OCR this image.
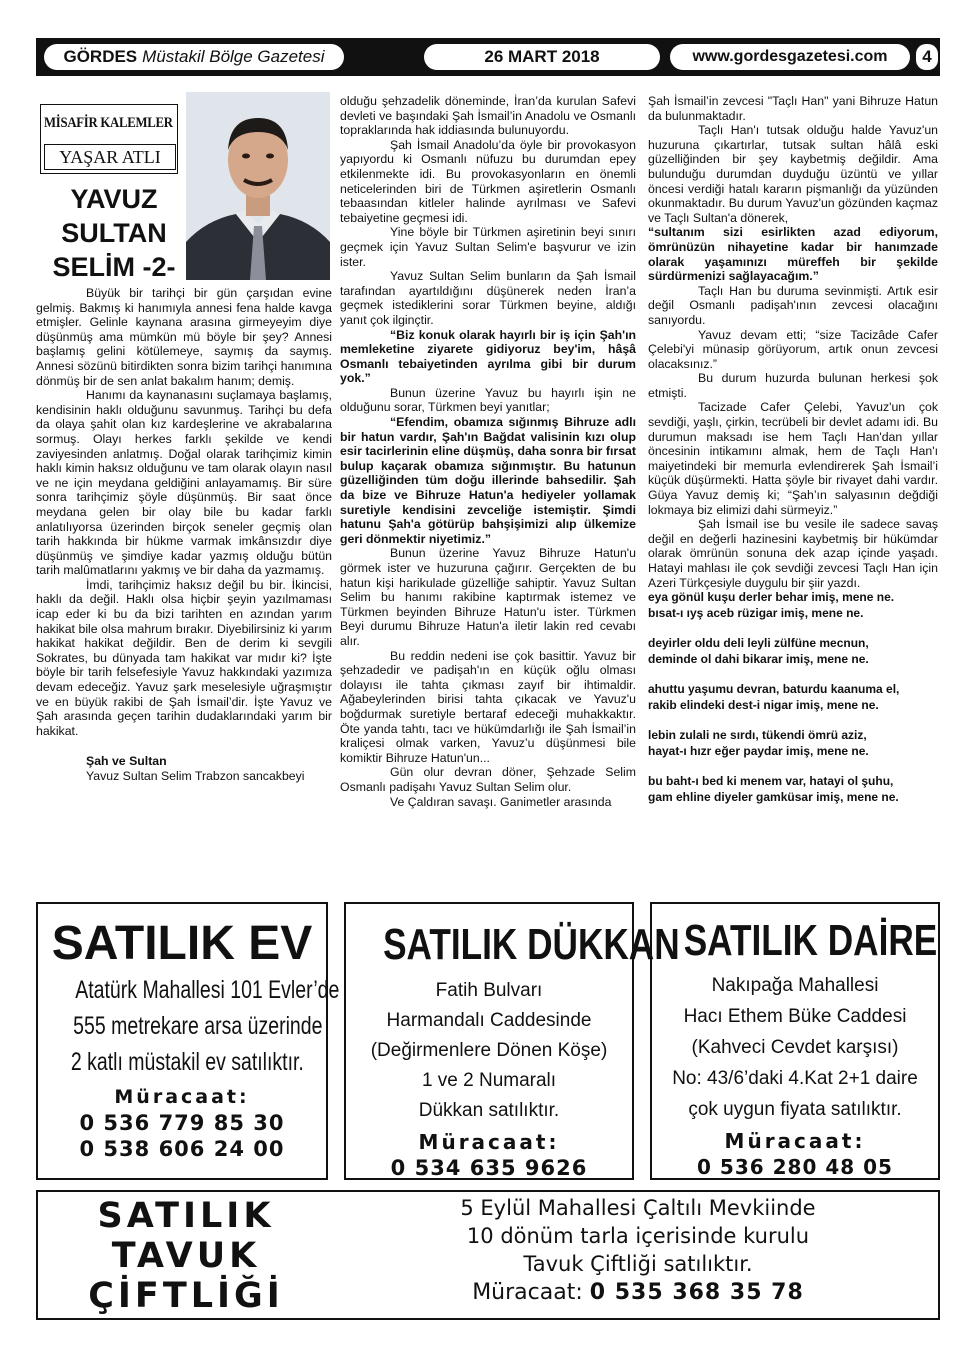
GÖRDES Müstakil Bölge Gazetesi	26 MART 2018	www.gordesgazetesi.com	4
MİSAFİR KALEMLER
YAŞAR ATLI
YAVUZ
SULTAN
SELİM -2-

Büyük bir tarihçi bir gün çarşıdan evine gelmiş. Bakmış ki hanımıyla annesi fena halde kavga etmişler. Gelinle kaynana arasına girmeyeyim diye düşünmüş ama mümkün mü böyle bir şey? Annesi başlamış gelini kötülemeye, saymış da saymış. Annesi sözünü bitirdikten sonra bizim tarihçi hanımına dönmüş bir de sen anlat bakalım hanım; demiş.

Hanımı da kaynanasını suçlamaya başlamış, kendisinin haklı olduğunu savunmuş. Tarihçi bu defa da olaya şahit olan kız kardeşlerine ve akrabalarına sormuş. Olayı herkes farklı şekilde ve kendi zaviyesinden anlatmış. Doğal olarak tarihçimiz kimin haklı kimin haksız olduğunu ve tam olarak olayın nasıl ve ne için meydana geldiğini anlayamamış. Bir süre sonra tarihçimiz şöyle düşünmüş. Bir saat önce meydana gelen bir olay bile bu kadar farklı anlatılıyorsa üzerinden birçok seneler geçmiş olan tarih hakkında bir hükme varmak imkânsızdır diye düşünmüş ve şimdiye kadar yazmış olduğu bütün tarih malûmatlarını yakmış ve bir daha da yazmamış.

İmdi, tarihçimiz haksız değil bu bir. İkincisi, haklı da değil. Haklı olsa hiçbir şeyin yazılmaması icap eder ki bu da bizi tarihten en azından yarım hakikat bile olsa mahrum bırakır. Diyebilirsiniz ki yarım hakikat hakikat değildir. Ben de derim ki sevgili Sokrates, bu dünyada tam hakikat var mıdır ki? İşte böyle bir tarih felsefesiyle Yavuz hakkındaki yazımıza devam edeceğiz. Yavuz şark meselesiyle uğraşmıştır ve en büyük rakibi de Şah İsmail’dir. İşte Yavuz ve Şah arasında geçen tarihin dudaklarındaki yarım bir hakikat.

Şah ve Sultan

Yavuz Sultan Selim Trabzon sancakbeyi

olduğu şehzadelik döneminde, İran’da kurulan Safevi devleti ve başındaki Şah İsmail’in Anadolu ve Osmanlı topraklarında hak iddiasında bulunuyordu.

Şah İsmail Anadolu’da öyle bir provokasyon yapıyordu ki Osmanlı nüfuzu bu durumdan epey etkilenmekte idi. Bu provokasyonların en önemli neticelerinden biri de Türkmen aşiretlerin Osmanlı tebaasından kitleler halinde ayrılması ve Safevi tebaiyetine geçmesi idi.

Yine böyle bir Türkmen aşiretinin beyi sınırı geçmek için Yavuz Sultan Selim'e başvurur ve izin ister.

Yavuz Sultan Selim bunların da Şah İsmail tarafından ayartıldığını düşünerek neden İran’a geçmek istediklerini sorar Türkmen beyine, aldığı yanıt çok ilginçtir.

“Biz konuk olarak hayırlı bir iş için Şah'ın memleketine ziyarete gidiyoruz bey'im, hâşâ Osmanlı tebaiyetinden ayrılma gibi bir durum yok.”

Bunun üzerine Yavuz bu hayırlı işin ne olduğunu sorar, Türkmen beyi yanıtlar;

“Efendim, obamıza sığınmış Bihruze adlı bir hatun vardır, Şah'ın Bağdat valisinin kızı olup esir tacirlerinin eline düşmüş, daha sonra bir fırsat bulup kaçarak obamıza sığınmıştır. Bu hatunun güzelliğinden tüm doğu illerinde bahsedilir. Şah da bize ve Bihruze Hatun'a hediyeler yollamak suretiyle kendisini zevceliğe istemiştir. Şimdi hatunu Şah'a götürüp bahşişimizi alıp ülkemize geri dönmektir niyetimiz.”

Bunun üzerine Yavuz Bihruze Hatun'u görmek ister ve huzuruna çağırır. Gerçekten de bu hatun kişi harikulade güzelliğe sahiptir. Yavuz Sultan Selim bu hanımı rakibine kaptırmak istemez ve Türkmen beyinden Bihruze Hatun'u ister. Türkmen Beyi durumu Bihruze Hatun'a iletir lakin red cevabı alır.

Bu reddin nedeni ise çok basittir. Yavuz bir şehzadedir ve padişah'ın en küçük oğlu olması dolayısı ile tahta çıkması zayıf bir ihtimaldir. Ağabeylerinden birisi tahta çıkacak ve Yavuz'u boğdurmak suretiyle bertaraf edeceği muhakkaktır. Öte yanda tahtı, tacı ve hükümdarlığı ile Şah İsmail’in kraliçesi olmak varken, Yavuz’u düşünmesi bile komiktir Bihruze Hatun'un...

Gün olur devran döner, Şehzade Selim Osmanlı padişahı Yavuz Sultan Selim olur.

Ve Çaldıran savaşı. Ganimetler arasında

Şah İsmail’in zevcesi "Taçlı Han" yani Bihruze Hatun da bulunmaktadır.

Taçlı Han'ı tutsak olduğu halde Yavuz'un huzuruna çıkartırlar, tutsak sultan hâlâ eski güzelliğinden bir şey kaybetmiş değildir. Ama bulunduğu durumdan duyduğu üzüntü ve yıllar öncesi verdiği hatalı kararın pişmanlığı da yüzünden okunmaktadır. Bu durum Yavuz'un gözünden kaçmaz ve Taçlı Sultan'a dönerek,

“sultanım sizi esirlikten azad ediyorum, ömrünüzün nihayetine kadar bir hanımzade olarak yaşamınızı müreffeh bir şekilde sürdürmenizi sağlayacağım.”

Taçlı Han bu duruma sevinmişti. Artık esir değil Osmanlı padişah'ının zevcesi olacağını sanıyordu.

Yavuz devam etti; “size Tacizâde Cafer Çelebi'yi münasip görüyorum, artık onun zevcesi olacaksınız.”

Bu durum huzurda bulunan herkesi şok etmişti.

Tacizade Cafer Çelebi, Yavuz'un çok sevdiği, yaşlı, çirkin, tecrübeli bir devlet adamı idi. Bu durumun maksadı ise hem Taçlı Han'dan yıllar öncesinin intikamını almak, hem de Taçlı Han'ı maiyetindeki bir memurla evlendirerek Şah İsmail’i küçük düşürmekti. Hatta şöyle bir rivayet dahi vardır. Güya Yavuz demiş ki; “Şah’ın salyasının değdiği lokmaya biz elimizi dahi sürmeyiz.”

Şah İsmail ise bu vesile ile sadece savaş değil en değerli hazinesini kaybetmiş bir hükümdar olarak ömrünün sonuna dek azap içinde yaşadı. Hatayi mahlası ile çok sevdiği zevcesi Taçlı Han için Azeri Türkçesiyle duygulu bir şiir yazdı.

eya gönül kuşu derler behar imiş, mene ne.

bısat-ı ıyş aceb rüzigar imiş, mene ne.

deyirler oldu deli leyli zülfüne mecnun,

deminde ol dahi bikarar imiş, mene ne.

ahuttu yaşumu devran, baturdu kaanuma el,

rakib elindeki dest-i nigar imiş, mene ne.

lebin zulali ne sırdı, tükendi ömrü aziz,

hayat-ı hızr eğer paydar imiş, mene ne.

bu baht-ı bed ki menem var, hatayi ol şuhu,

gam ehline diyeler gamküsar imiş, mene ne.

SATILIK EV
Atatürk Mahallesi 101 Evler’de
555 metrekare arsa üzerinde
2 katlı müstakil ev satılıktır.
Müracaat:
0 536 779 85 30
0 538 606 24 00
SATILIK DÜKKAN
Fatih Bulvarı
Harmandalı Caddesinde
(Değirmenlere Dönen Köşe)
1 ve 2 Numaralı
Dükkan satılıktır.
Müracaat:
0 534 635 9626
SATILIK DAİRE
Nakıpağa Mahallesi
Hacı Ethem Büke Caddesi
(Kahveci Cevdet karşısı)
No: 43/6’daki 4.Kat 2+1 daire
çok uygun fiyata satılıktır.
Müracaat:
0 536 280 48 05
SATILIK
TAVUK
ÇİFTLİĞİ
5 Eylül Mahallesi Çaltılı Mevkiinde
10 dönüm tarla içerisinde kurulu
Tavuk Çiftliği satılıktır.
Müracaat: 0 535 368 35 78
